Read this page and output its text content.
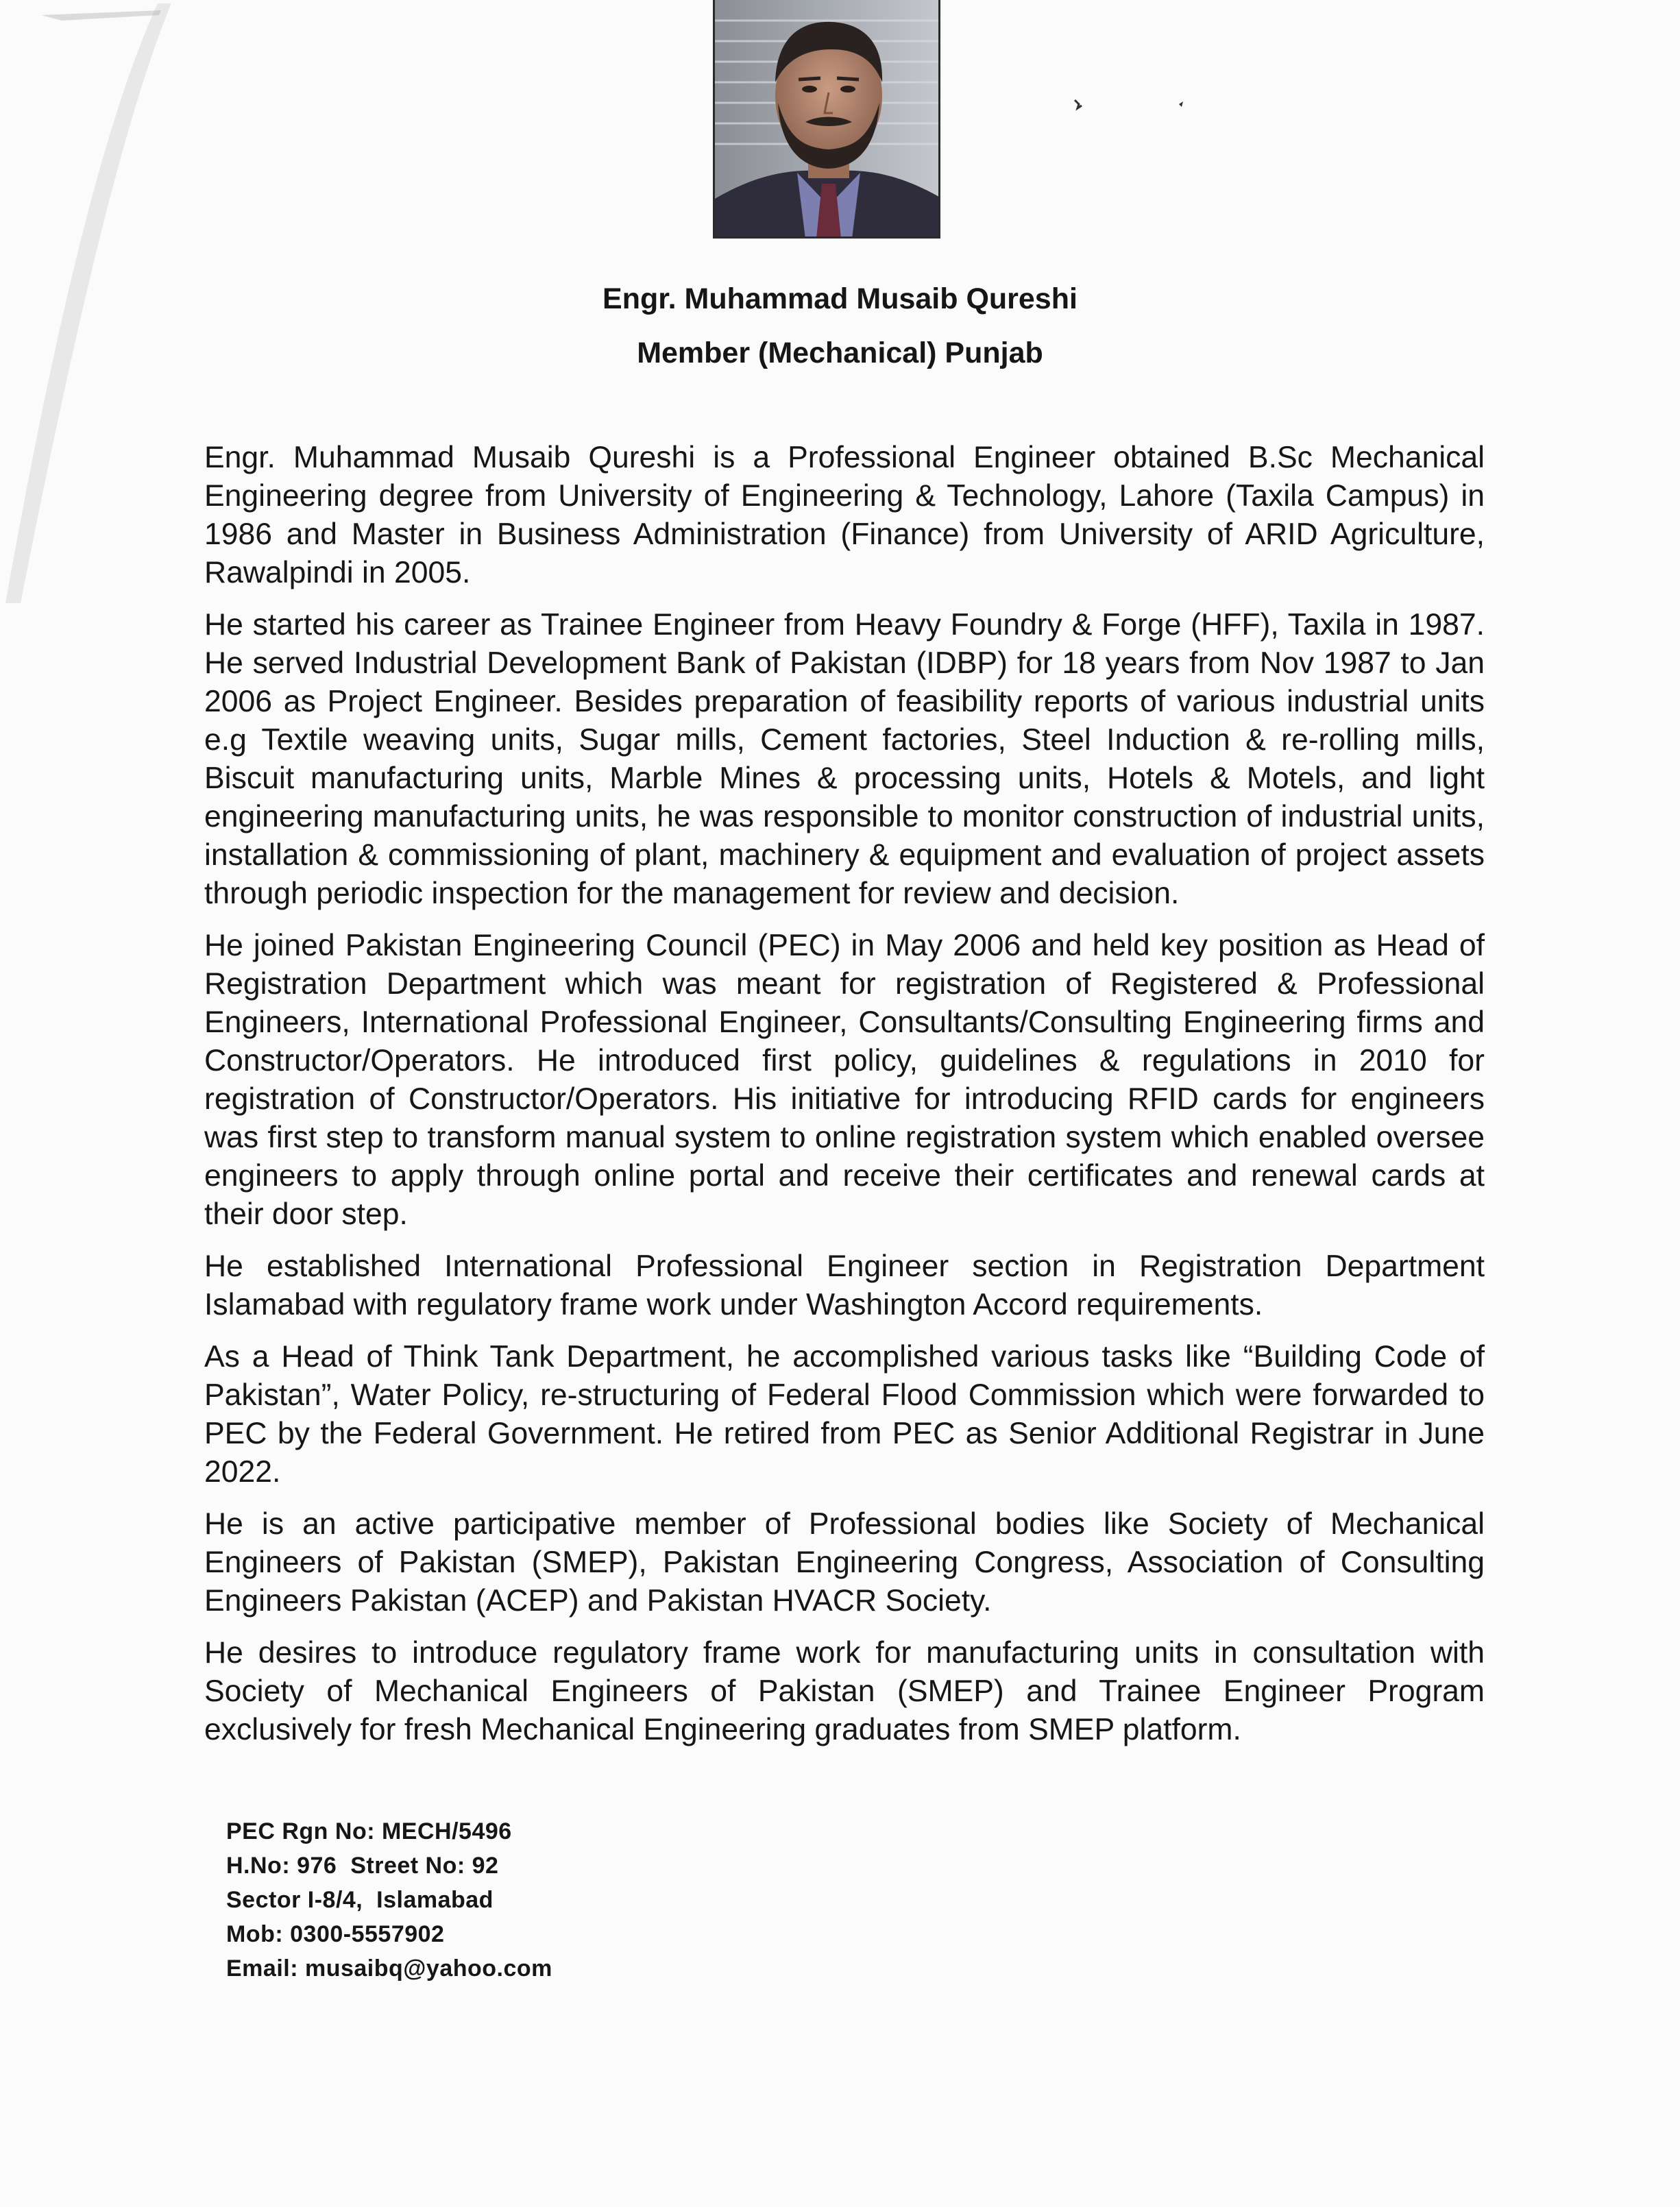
Engr. Muhammad Musaib Qureshi
Member (Mechanical) Punjab

Engr. Muhammad Musaib Qureshi is a Professional Engineer obtained B.Sc Mechanical Engineering degree from University of Engineering & Technology, Lahore (Taxila Campus) in 1986 and Master in Business Administration (Finance) from University of ARID Agriculture, Rawalpindi in 2005.

He started his career as Trainee Engineer from Heavy Foundry & Forge (HFF), Taxila in 1987. He served Industrial Development Bank of Pakistan (IDBP) for 18 years from Nov 1987 to Jan 2006 as Project Engineer. Besides preparation of feasibility reports of various industrial units e.g Textile weaving units, Sugar mills, Cement factories, Steel Induction & re-rolling mills, Biscuit manufacturing units, Marble Mines & processing units, Hotels & Motels, and light engineering manufacturing units, he was responsible to monitor construction of industrial units, installation & commissioning of plant, machinery & equipment and evaluation of project assets through periodic inspection for the management for review and decision.

He joined Pakistan Engineering Council (PEC) in May 2006 and held key position as Head of Registration Department which was meant for registration of Registered & Professional Engineers, International Professional Engineer, Consultants/Consulting Engineering firms and Constructor/Operators. He introduced first policy, guidelines & regulations in 2010 for registration of Constructor/Operators. His initiative for introducing RFID cards for engineers was first step to transform manual system to online registration system which enabled oversee engineers to apply through online portal and receive their certificates and renewal cards at their door step.

He established International Professional Engineer section in Registration Department Islamabad with regulatory frame work under Washington Accord requirements.

As a Head of Think Tank Department, he accomplished various tasks like “Building Code of Pakistan”, Water Policy, re-structuring of Federal Flood Commission which were forwarded to PEC by the Federal Government. He retired from PEC as Senior Additional Registrar in June 2022.

He is an active participative member of Professional bodies like Society of Mechanical Engineers of Pakistan (SMEP), Pakistan Engineering Congress, Association of Consulting Engineers Pakistan (ACEP) and Pakistan HVACR Society.

He desires to introduce regulatory frame work for manufacturing units in consultation with Society of Mechanical Engineers of Pakistan (SMEP) and Trainee Engineer Program exclusively for fresh Mechanical Engineering graduates from SMEP platform.

PEC Rgn No: MECH/5496
H.No: 976  Street No: 92
Sector I-8/4,  Islamabad
Mob: 0300-5557902
Email: musaibq@yahoo.com
